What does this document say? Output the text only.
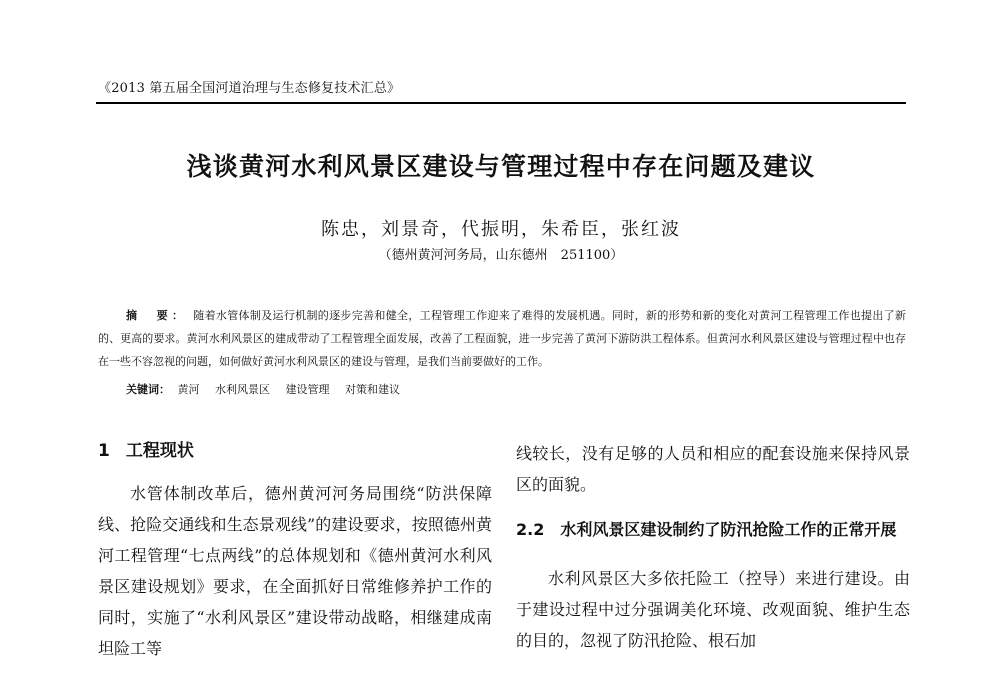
《2013 第五届全国河道治理与生态修复技术汇总》
浅谈黄河水利风景区建设与管理过程中存在问题及建议
陈忠，刘景奇，代振明，朱希臣，张红波
（德州黄河河务局，山东德州　251100）
摘　要： 随着水管体制及运行机制的逐步完善和健全，工程管理工作迎来了难得的发展机遇。同时，新的形势和新的变化对黄河工程管理工作也提出了新的、更高的要求。黄河水利风景区的建成带动了工程管理全面发展，改善了工程面貌，进一步完善了黄河下游防洪工程体系。但黄河水利风景区建设与管理过程中也存在一些不容忽视的问题，如何做好黄河水利风景区的建设与管理，是我们当前要做好的工作。
关键词： 黄河 水利风景区 建设管理 对策和建议
1 工程现状

水管体制改革后，德州黄河河务局围绕“防洪保障线、抢险交通线和生态景观线”的建设要求，按照德州黄河工程管理“七点两线”的总体规划和《德州黄河水利风景区建设规划》要求，在全面抓好日常维修养护工作的同时，实施了“水利风景区”建设带动战略，相继建成南坦险工等

线较长，没有足够的人员和相应的配套设施来保持风景区的面貌。

2.2　水利风景区建设制约了防汛抢险工作的正常开展

水利风景区大多依托险工（控导）来进行建设。由于建设过程中过分强调美化环境、改观面貌、维护生态的目的，忽视了防汛抢险、根石加
